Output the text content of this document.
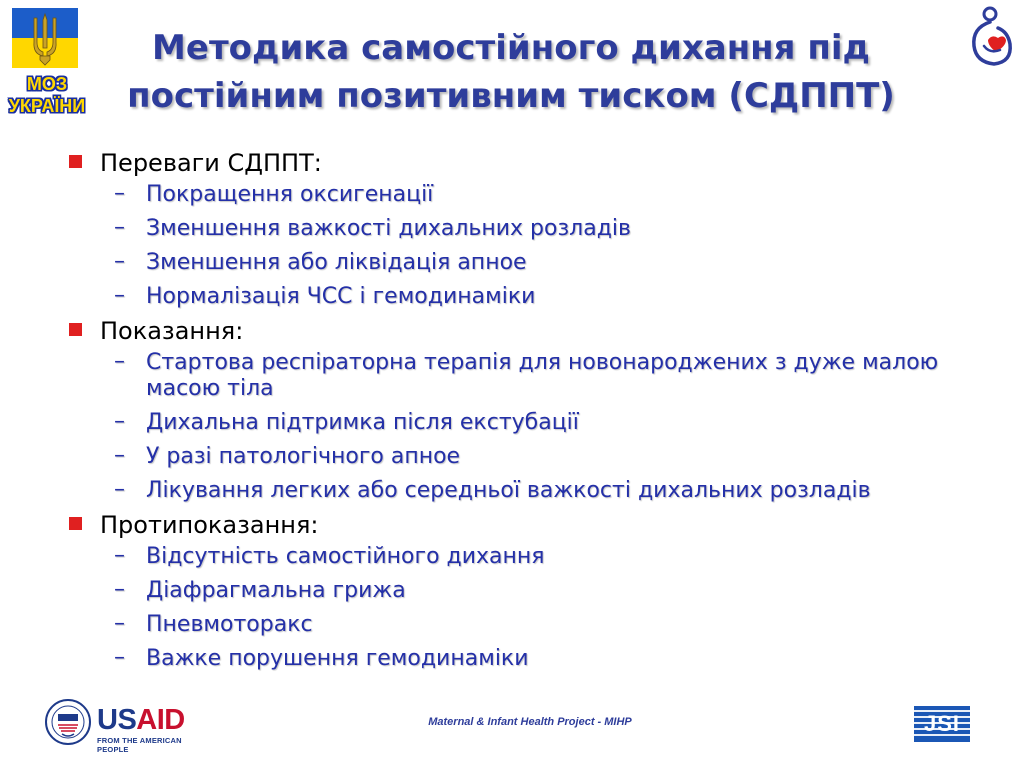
МОЗ
УКРАЇНИ
Методика самостійного дихання під
постійним позитивним тиском (СДППТ)
Переваги СДППТ:
– Покращення оксигенації
– Зменшення важкості дихальних розладів
– Зменшення або ліквідація апное
– Нормалізація ЧСС і гемодинаміки
Показання:
– Стартова респіраторна терапія для новонароджених з дуже малою масою тіла
– Дихальна підтримка після екстубації
– У разі патологічного апное
– Лікування легких або середньої важкості дихальних розладів
Протипоказання:
– Відсутність самостійного дихання
– Діафрагмальна грижа
– Пневмоторакс
– Важке порушення гемодинаміки
USAID
FROM THE AMERICAN PEOPLE
Maternal & Infant Health Project - MIHP	JSI
